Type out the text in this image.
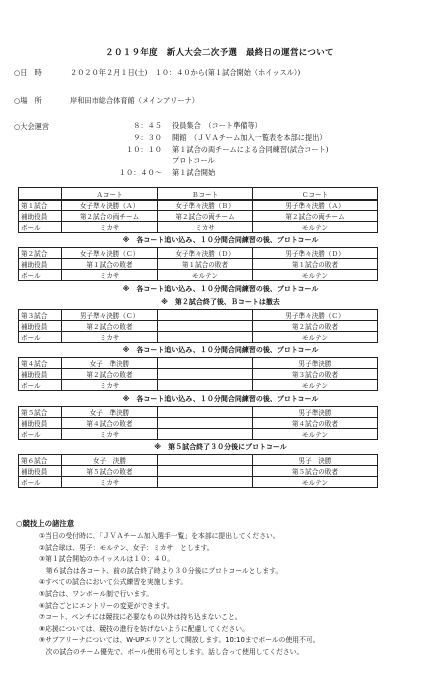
２０１９年度　新人大会二次予選　最終日の運営について
○日　時	２０２０年２月１日(土)　１０：４０から(第１試合開始（ホイッスル）)
○場　所	岸和田市総合体育館（メインアリーナ）
○大会運営	８：４５ 役員集合　（コート準備等）
９：３０ 開館　（ＪＶＡチーム加入一覧表を本部に提出）
１０：１０ 第１試合の両チームによる合同練習(試合コート)
プロトコール
１０：４０～ 第１試合開始
	Ａコート	Ｂコート	Ｃコート
第１試合	女子準々決勝（Ａ）	女子準々決勝（Ｂ）	男子準々決勝（Ａ）
補助役員	第２試合の両チーム	第２試合の両チーム	第２試合の両チーム
ボール	ミカサ	ミカサ	モルテン
※　各コート追い込み、１０分間合同練習の後、プロトコール
第２試合	女子準々決勝（Ｃ）	女子準々決勝（Ｄ）	男子準々決勝（Ｄ）
補助役員	第１試合の敗者	第１試合の敗者	第１試合の敗者
ボール	ミカサ	モルテン	モルテン
※　各コート追い込み、１０分間合同練習の後、プロトコール
※　第２試合終了後、Ｂコートは撤去
第３試合	男子準々決勝（Ｃ）		男子準々決勝（Ｃ）
補助役員	第２試合の敗者		第２試合の敗者
ボール	ミカサ		モルテン
※　各コート追い込み、１０分間合同練習の後、プロトコール
第４試合	女子　準決勝		男子準決勝
補助役員	第２試合の敗者		第３試合の敗者
ボール	ミカサ		モルテン
※　各コート追い込み、１０分間合同練習の後、プロトコール
第５試合	女子　準決勝		男子準決勝
補助役員	第４試合の敗者		第４試合の敗者
ボール	ミカサ		モルテン
※　第５試合終了３０分後にプロトコール
第６試合	女子　決勝		男子　決勝
補助役員	第５試合の敗者		第５試合の敗者
ボール	ミカサ		モルテン
○競技上の諸注意
①当日の受付時に、「ＪＶＡチーム加入選手一覧」を本部に提出してください。
②試合球は、男子：モルテン、女子：ミカサ　とします。
③第１試合開始のホイッスルは１０：４０。
　第６試合は各コート、前の試合終了時より３０分後にプロトコールとします。
④すべての試合において公式練習を実施します。
⑤試合は、ワンボール制で行います。
⑥試合ごとにエントリーの変更ができます。
⑦コート、ベンチには競技に必要なもの以外は持ち込まないこと。
⑧応援については、競技の進行を妨げないように配慮してください。
⑨サブアリーナについては、W-UPエリアとして開放します。10:10までボールの使用不可。
　次の試合のチーム優先で、ボール使用も可とします。話し合って使用してください。
